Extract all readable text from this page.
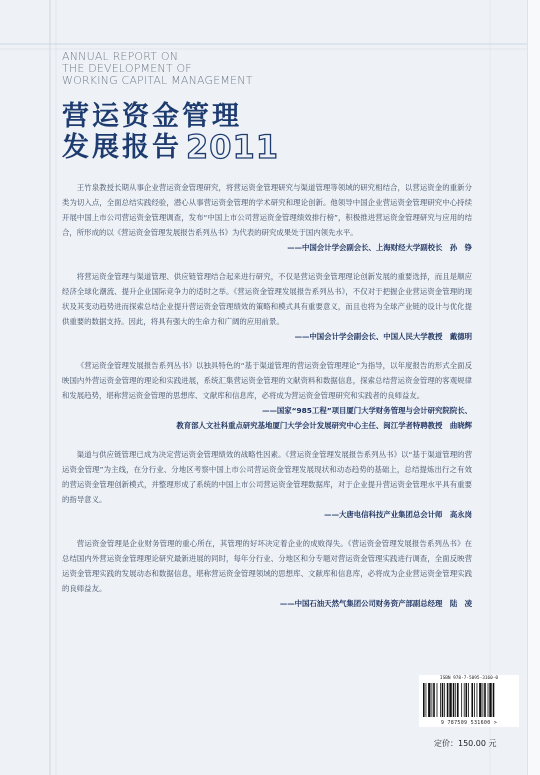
ANNUAL REPORT ON
THE DEVELOPMENT OF
WORKING CAPITAL MANAGEMENT
营运资金管理
发展报告 2011

王竹泉教授长期从事企业营运资金管理研究，将营运资金管理研究与渠道管理等领域的研究相结合，以营运资金的重新分类为切入点，全面总结实践经验，潜心从事营运资金管理的学术研究和理论创新。他领导中国企业营运资金管理研究中心持续开展中国上市公司营运资金管理调查，发布“中国上市公司营运资金管理绩效排行榜”，积极推进营运资金管理研究与应用的结合，所形成的以《营运资金管理发展报告系列丛书》为代表的研究成果处于国内领先水平。

——中国会计学会副会长、上海财经大学副校长　孙　铮

将营运资金管理与渠道管理、供应链管理结合起来进行研究，不仅是营运资金管理理论创新发展的重要选择，而且是顺应经济全球化潮流、提升企业国际竞争力的适时之举。《营运资金管理发展报告系列丛书》，不仅对于把握企业营运资金管理的现状及其变动趋势进而探索总结企业提升营运资金管理绩效的策略和模式具有重要意义，而且也将为全球产业链的设计与优化提供重要的数据支持。因此，将具有强大的生命力和广阔的应用前景。

——中国会计学会副会长、中国人民大学教授　戴德明

《营运资金管理发展报告系列丛书》以独具特色的“基于渠道管理的营运资金管理理论”为指导，以年度报告的形式全面反映国内外营运资金管理的理论和实践进展，系统汇集营运资金管理的文献资料和数据信息，探索总结营运资金管理的客观规律和发展趋势，堪称营运资金管理的思想库、文献库和信息库，必将成为营运资金管理研究和实践者的良师益友。

——国家“985工程”项目厦门大学财务管理与会计研究院院长、
教育部人文社科重点研究基地厦门大学会计发展研究中心主任、闽江学者特聘教授　曲晓辉

渠道与供应链管理已成为决定营运资金管理绩效的战略性因素。《营运资金管理发展报告系列丛书》以“基于渠道管理的营运资金管理”为主线，在分行业、分地区考察中国上市公司营运资金管理发展现状和动态趋势的基础上，总结提炼出行之有效的营运资金管理创新模式，并整理形成了系统的中国上市公司营运资金管理数据库，对于企业提升营运资金管理水平具有重要的指导意义。

——大唐电信科技产业集团总会计师　高永岗

营运资金管理是企业财务管理的重心所在，其管理的好坏决定着企业的成败得失。《营运资金管理发展报告系列丛书》在总结国内外营运资金管理理论研究最新进展的同时，每年分行业、分地区和分专题对营运资金管理实践进行调查，全面反映营运资金管理实践的发展动态和数据信息，堪称营运资金管理领域的思想库、文献库和信息库，必将成为企业营运资金管理实践的良师益友。

——中国石油天然气集团公司财务资产部副总经理　陆　凌
ISBN 978-7-5095-3160-0
9 787509 531600 >
定价：150.00 元
